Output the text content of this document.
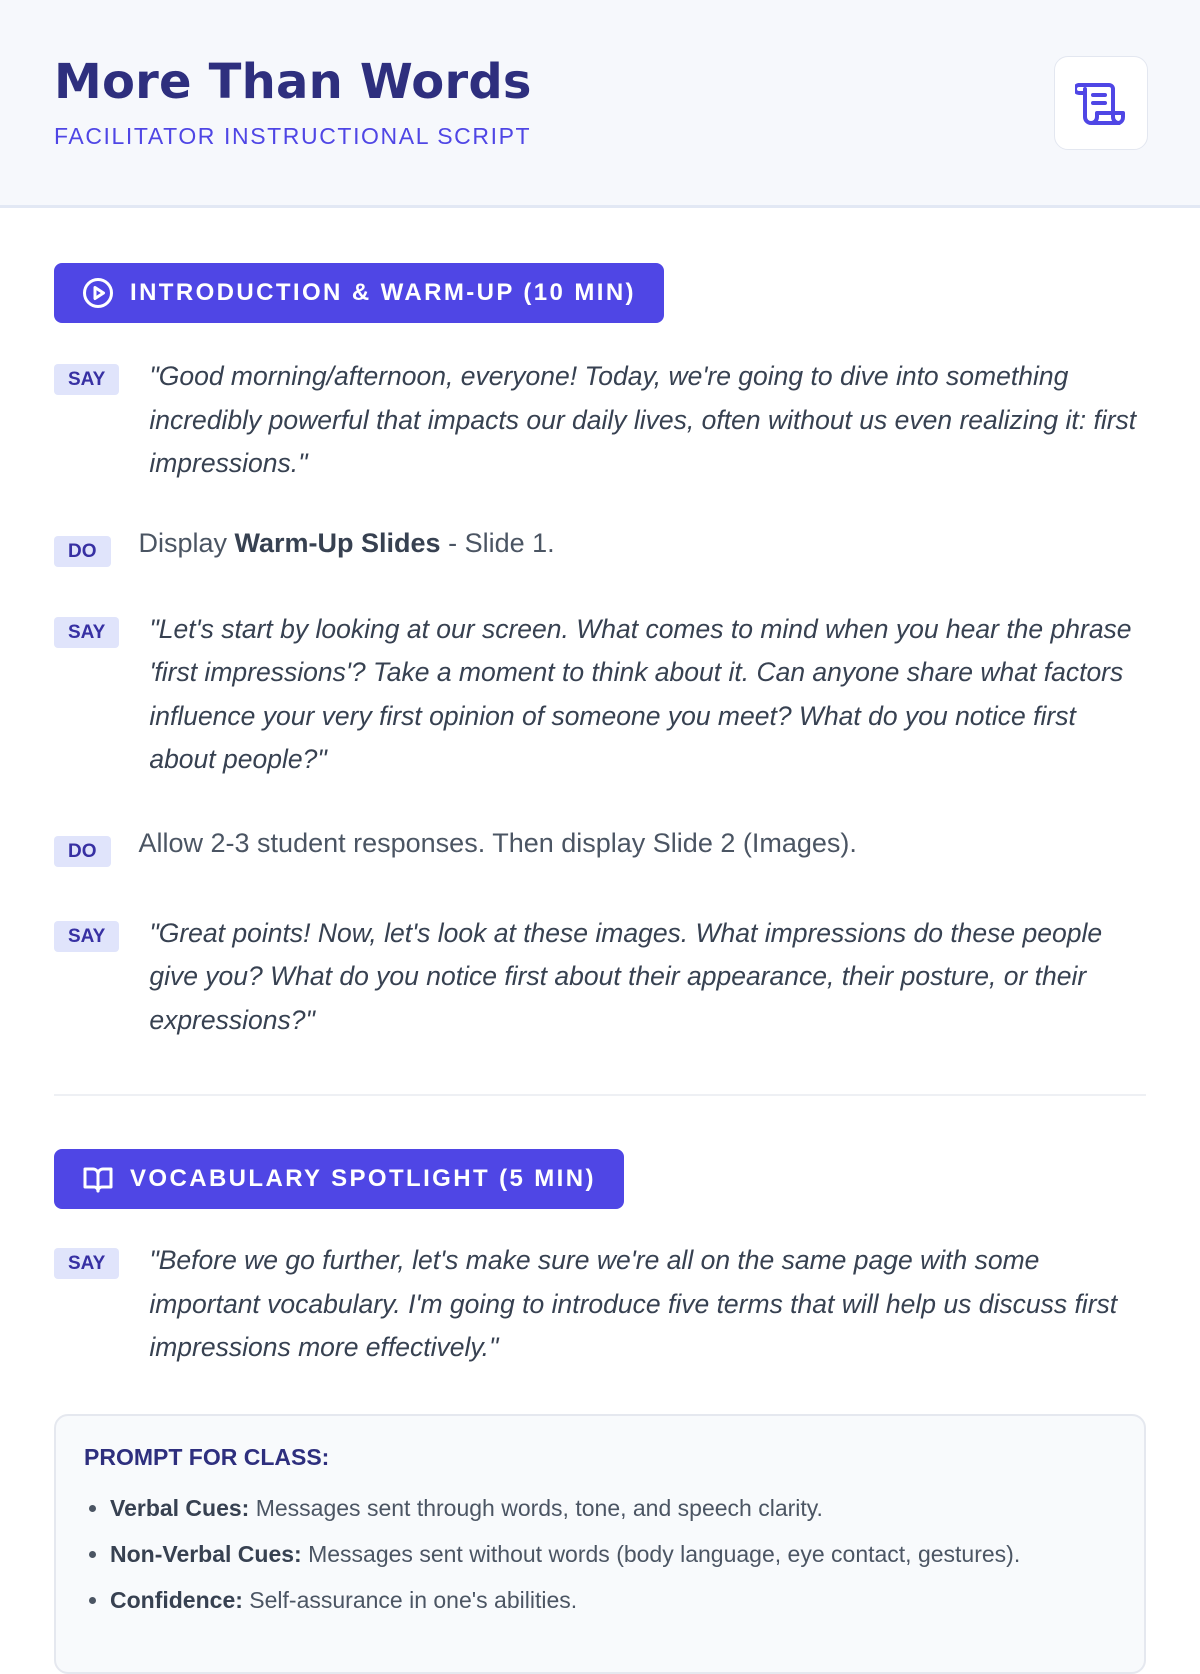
More Than Words
FACILITATOR INSTRUCTIONAL SCRIPT
INTRODUCTION & WARM-UP (10 MIN)
SAY	"Good morning/afternoon, everyone! Today, we're going to dive into something incredibly powerful that impacts our daily lives, often without us even realizing it: first impressions."
DO	Display Warm-Up Slides - Slide 1.
SAY	"Let's start by looking at our screen. What comes to mind when you hear the phrase 'first impressions'? Take a moment to think about it. Can anyone share what factors influence your very first opinion of someone you meet? What do you notice first about people?"
DO	Allow 2-3 student responses. Then display Slide 2 (Images).
SAY	"Great points! Now, let's look at these images. What impressions do these people give you? What do you notice first about their appearance, their posture, or their expressions?"
VOCABULARY SPOTLIGHT (5 MIN)
SAY	"Before we go further, let's make sure we're all on the same page with some important vocabulary. I'm going to introduce five terms that will help us discuss first impressions more effectively."
PROMPT FOR CLASS:
• Verbal Cues: Messages sent through words, tone, and speech clarity.
• Non-Verbal Cues: Messages sent without words (body language, eye contact, gestures).
• Confidence: Self-assurance in one's abilities.
